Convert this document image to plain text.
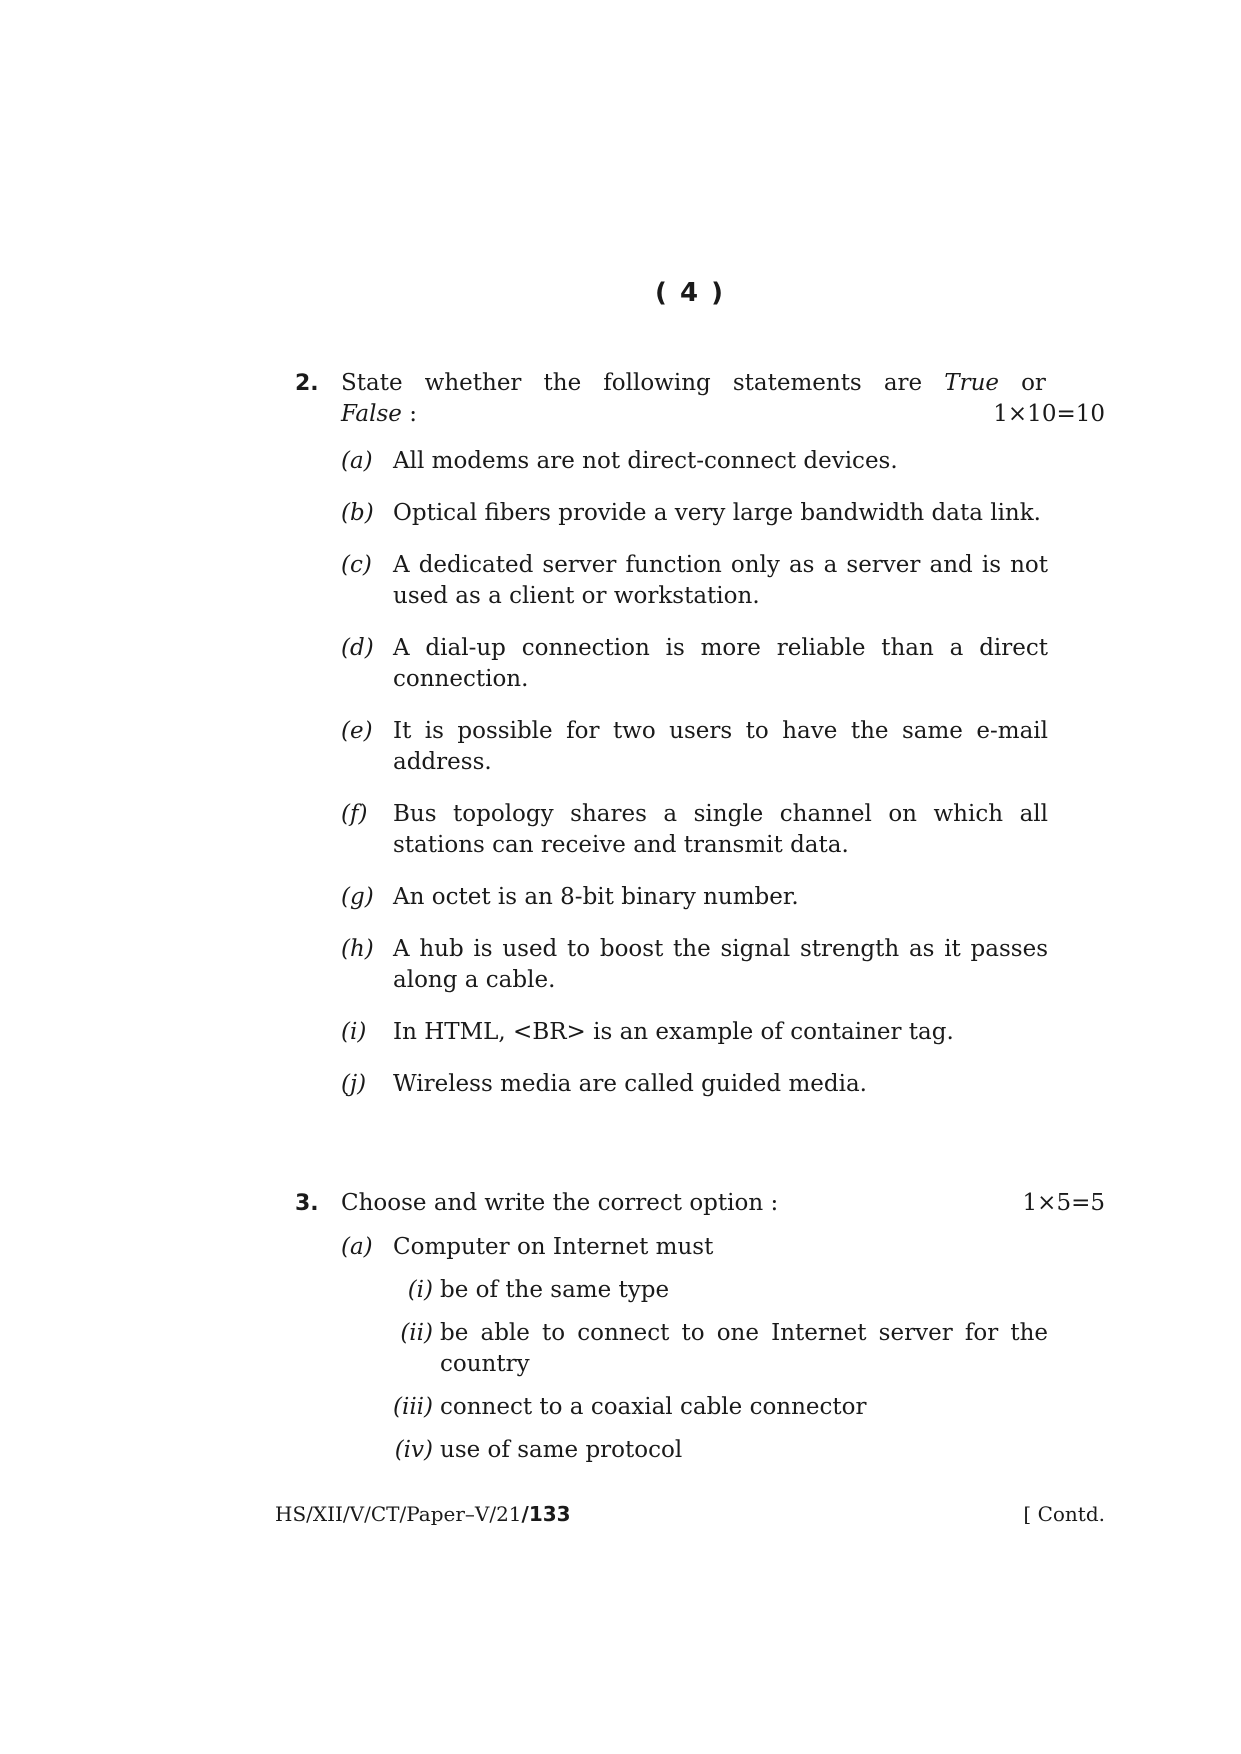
( 4 )
2. State whether the following statements are True or
False :	1×10=10
(a) All modems are not direct-connect devices.
(b) Optical fibers provide a very large bandwidth data link.
(c) A dedicated server function only as a server and is not used as a client or workstation.
(d) A dial-up connection is more reliable than a direct connection.
(e) It is possible for two users to have the same e-mail address.
(f) Bus topology shares a single channel on which all stations can receive and transmit data.
(g) An octet is an 8-bit binary number.
(h) A hub is used to boost the signal strength as it passes along a cable.
(i) In HTML, <BR> is an example of container tag.
(j) Wireless media are called guided media.
3. Choose and write the correct option :	1×5=5
(a) Computer on Internet must
(i) be of the same type
(ii) be able to connect to one Internet server for the country
(iii) connect to a coaxial cable connector
(iv) use of same protocol
HS/XII/V/CT/Paper–V/21/133	[ Contd.
